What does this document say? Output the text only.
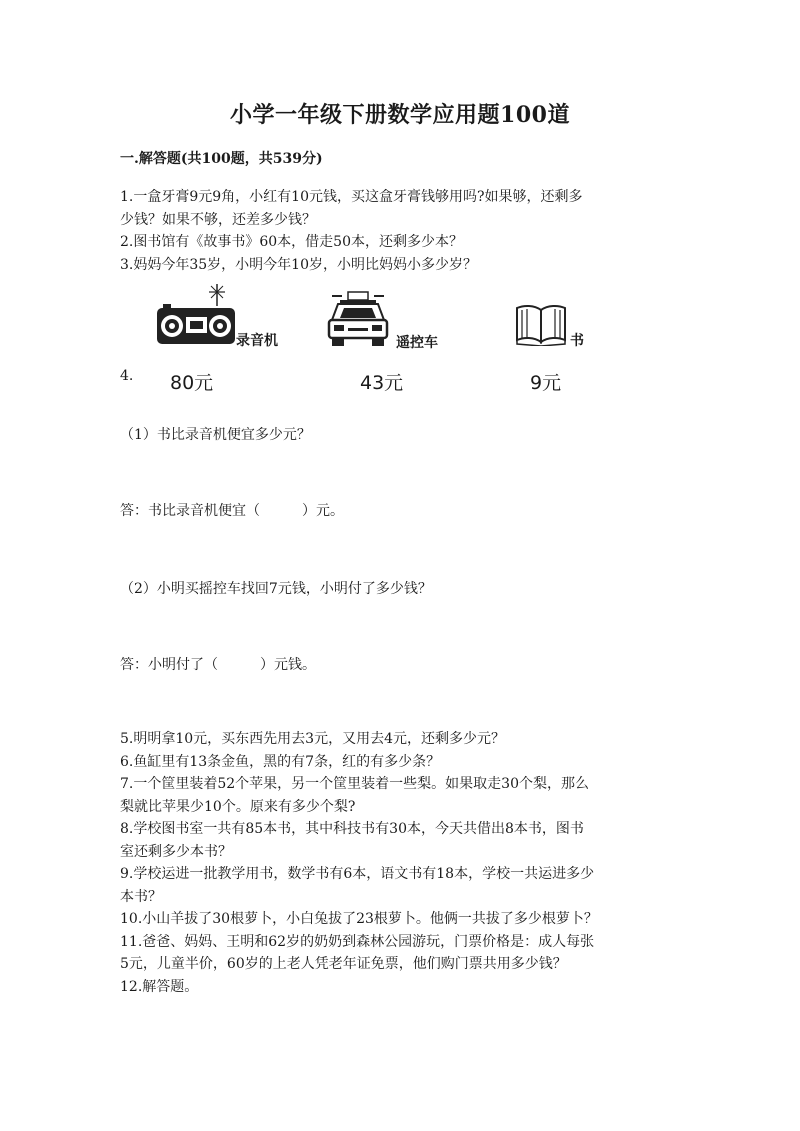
小学一年级下册数学应用题100道
一.解答题(共100题，共539分)

1.一盒牙膏9元9角，小红有10元钱，买这盒牙膏钱够用吗?如果够，还剩多

少钱？如果不够，还差多少钱？

2.图书馆有《故事书》60本，借走50本，还剩多少本？

3.妈妈今年35岁，小明今年10岁，小明比妈妈小多少岁？

录音机
80元
遥控车
43元
书
9元
4.
（1）书比录音机便宜多少元？
答：书比录音机便宜（　　　）元。
（2）小明买摇控车找回7元钱，小明付了多少钱？
答：小明付了（　　　）元钱。

5.明明拿10元，买东西先用去3元，又用去4元，还剩多少元？

6.鱼缸里有13条金鱼，黑的有7条，红的有多少条？

7.一个筐里装着52个苹果，另一个筐里装着一些梨。如果取走30个梨，那么

梨就比苹果少10个。原来有多少个梨?

8.学校图书室一共有85本书，其中科技书有30本，今天共借出8本书，图书

室还剩多少本书？

9.学校运进一批教学用书，数学书有6本，语文书有18本，学校一共运进多少

本书？

10.小山羊拔了30根萝卜，小白兔拔了23根萝卜。他俩一共拔了多少根萝卜？

11.爸爸、妈妈、王明和62岁的奶奶到森林公园游玩，门票价格是：成人每张

5元，儿童半价，60岁的上老人凭老年证免票，他们购门票共用多少钱？

12.解答题。
